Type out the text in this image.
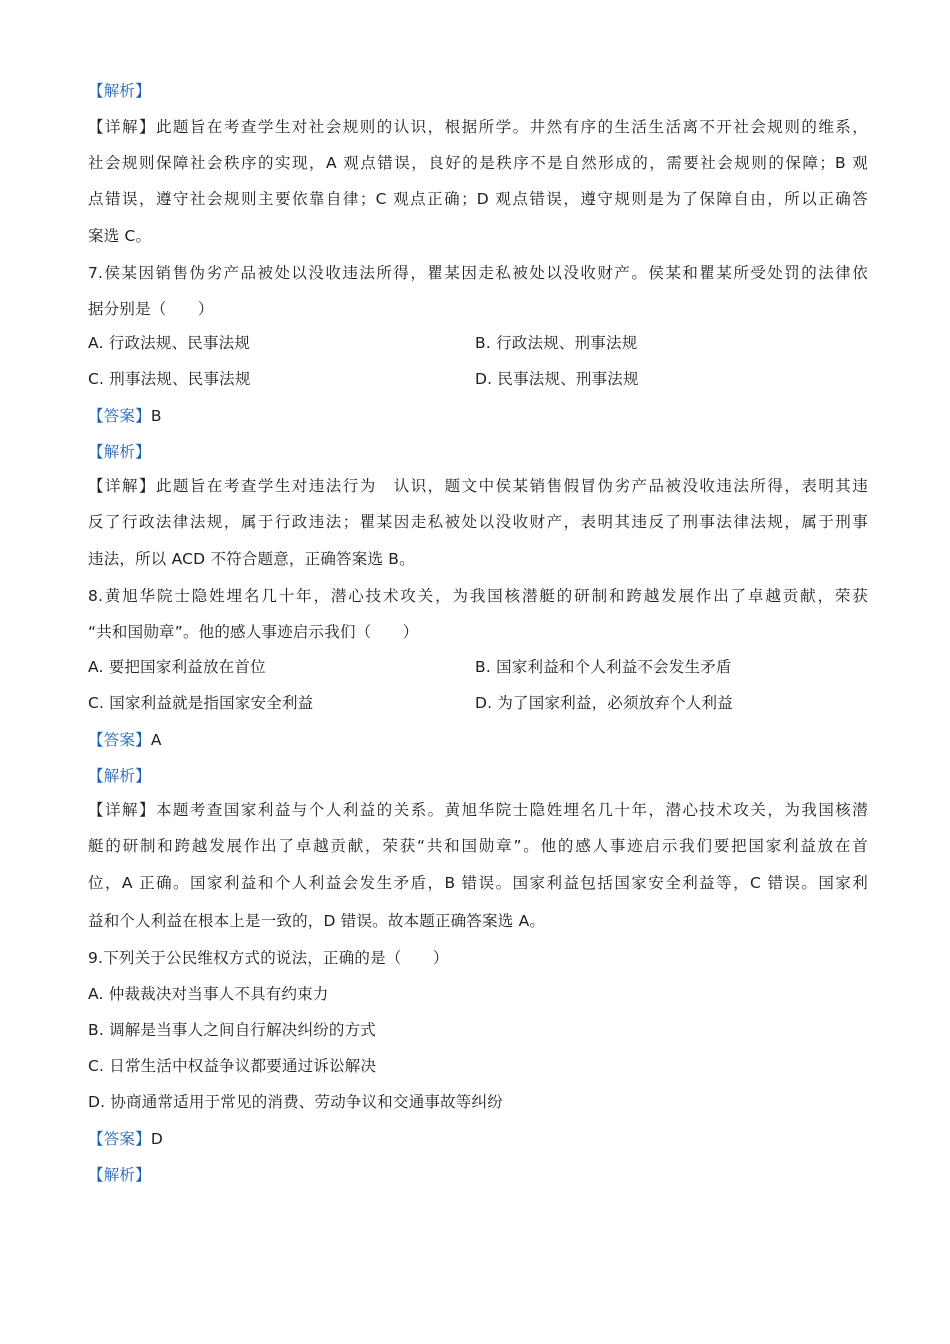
【解析】
【详解】此题旨在考查学生对社会规则的认识，根据所学。井然有序的生活生活离不开社会规则的维系，
社会规则保障社会秩序的实现，A 观点错误，良好的是秩序不是自然形成的，需要社会规则的保障；B 观
点错误，遵守社会规则主要依靠自律；C 观点正确；D 观点错误，遵守规则是为了保障自由，所以正确答
案选 C。
7.侯某因销售伪劣产品被处以没收违法所得，瞿某因走私被处以没收财产。侯某和瞿某所受处罚的法律依
据分别是（　　）
A. 行政法规、民事法规	B. 行政法规、刑事法规
C. 刑事法规、民事法规	D. 民事法规、刑事法规
【答案】B
【解析】
【详解】此题旨在考查学生对违法行为　认识，题文中侯某销售假冒伪劣产品被没收违法所得，表明其违
反了行政法律法规，属于行政违法；瞿某因走私被处以没收财产，表明其违反了刑事法律法规，属于刑事
违法，所以 ACD 不符合题意，正确答案选 B。
8.黄旭华院士隐姓埋名几十年，潜心技术攻关，为我国核潜艇的研制和跨越发展作出了卓越贡献，荣获
“共和国勋章”。他的感人事迹启示我们（　　）
A. 要把国家利益放在首位	B. 国家利益和个人利益不会发生矛盾
C. 国家利益就是指国家安全利益	D. 为了国家利益，必须放弃个人利益
【答案】A
【解析】
【详解】本题考查国家利益与个人利益的关系。黄旭华院士隐姓埋名几十年，潜心技术攻关，为我国核潜
艇的研制和跨越发展作出了卓越贡献，荣获“共和国勋章”。他的感人事迹启示我们要把国家利益放在首
位，A 正确。国家利益和个人利益会发生矛盾，B 错误。国家利益包括国家安全利益等，C 错误。国家利
益和个人利益在根本上是一致的，D 错误。故本题正确答案选 A。
9.下列关于公民维权方式的说法，正确的是（　　）
A. 仲裁裁决对当事人不具有约束力
B. 调解是当事人之间自行解决纠纷的方式
C. 日常生活中权益争议都要通过诉讼解决
D. 协商通常适用于常见的消费、劳动争议和交通事故等纠纷
【答案】D
【解析】
